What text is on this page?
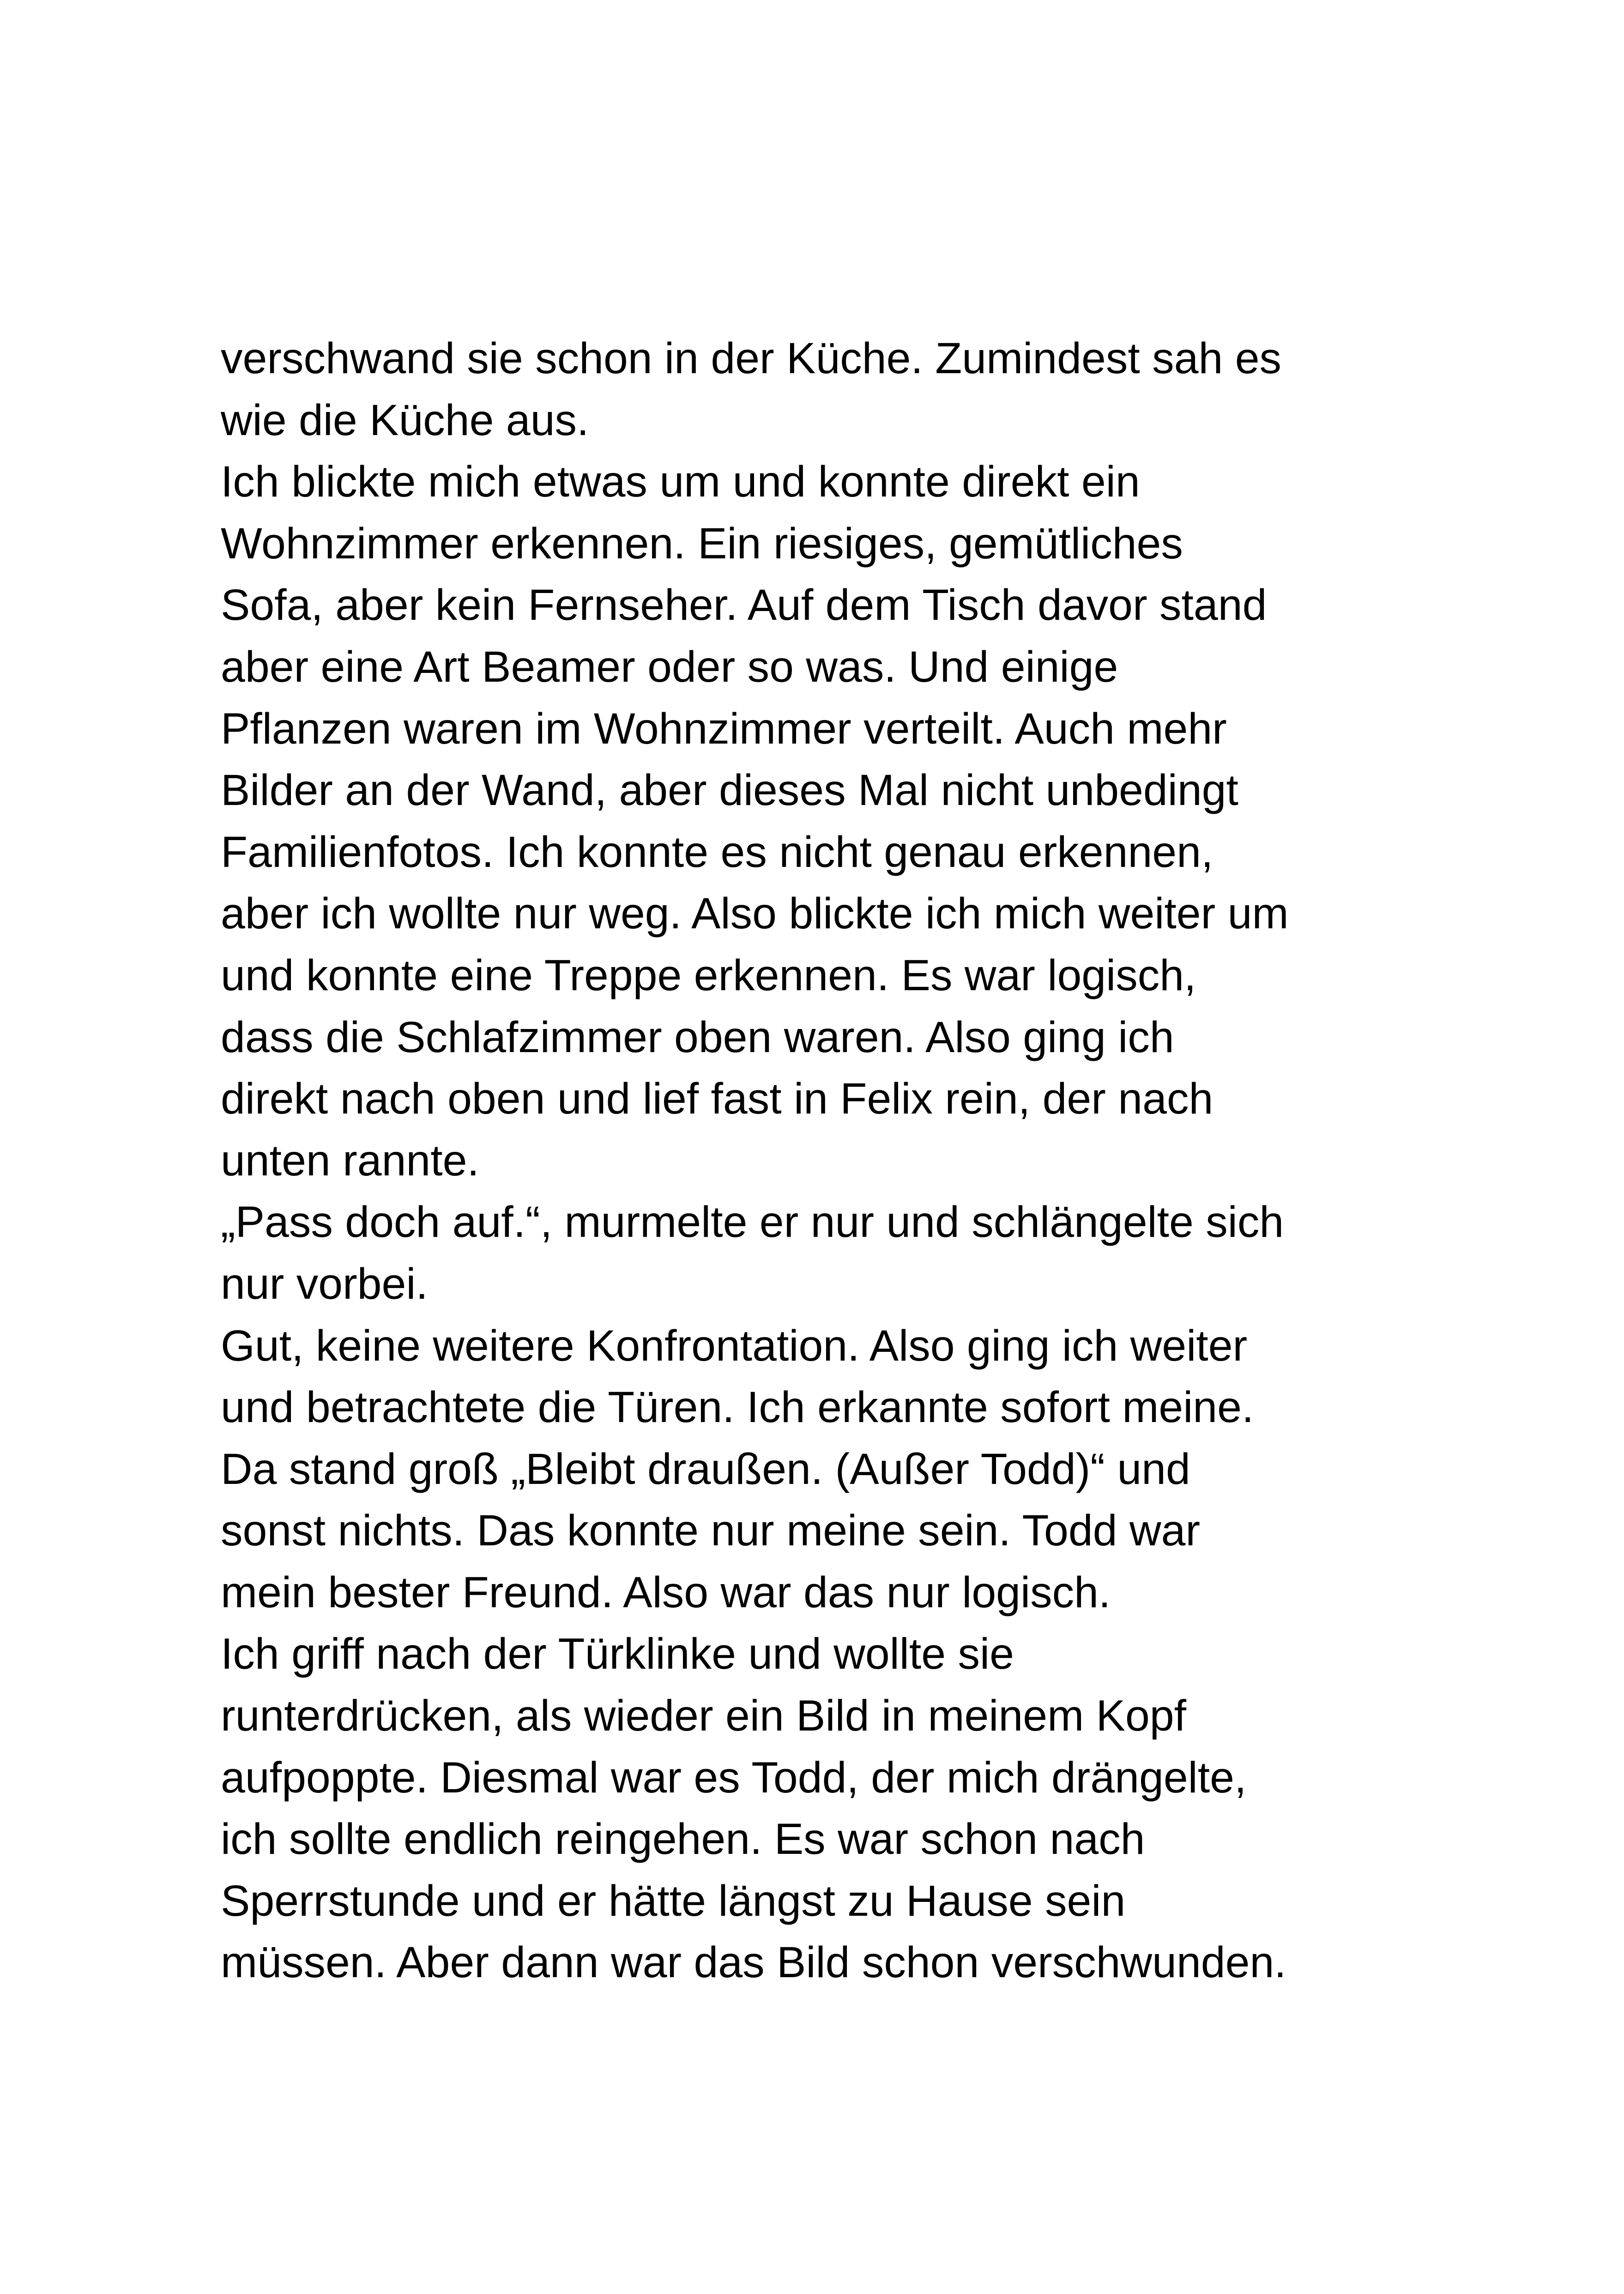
verschwand sie schon in der Küche. Zumindest sah es
wie die Küche aus.
Ich blickte mich etwas um und konnte direkt ein
Wohnzimmer erkennen. Ein riesiges, gemütliches
Sofa, aber kein Fernseher. Auf dem Tisch davor stand
aber eine Art Beamer oder so was. Und einige
Pflanzen waren im Wohnzimmer verteilt. Auch mehr
Bilder an der Wand, aber dieses Mal nicht unbedingt
Familienfotos. Ich konnte es nicht genau erkennen,
aber ich wollte nur weg. Also blickte ich mich weiter um
und konnte eine Treppe erkennen. Es war logisch,
dass die Schlafzimmer oben waren. Also ging ich
direkt nach oben und lief fast in Felix rein, der nach
unten rannte.
„Pass doch auf.“, murmelte er nur und schlängelte sich
nur vorbei.
Gut, keine weitere Konfrontation. Also ging ich weiter
und betrachtete die Türen. Ich erkannte sofort meine.
Da stand groß „Bleibt draußen. (Außer Todd)“ und
sonst nichts. Das konnte nur meine sein. Todd war
mein bester Freund. Also war das nur logisch.
Ich griff nach der Türklinke und wollte sie
runterdrücken, als wieder ein Bild in meinem Kopf
aufpoppte. Diesmal war es Todd, der mich drängelte,
ich sollte endlich reingehen. Es war schon nach
Sperrstunde und er hätte längst zu Hause sein
müssen. Aber dann war das Bild schon verschwunden.
